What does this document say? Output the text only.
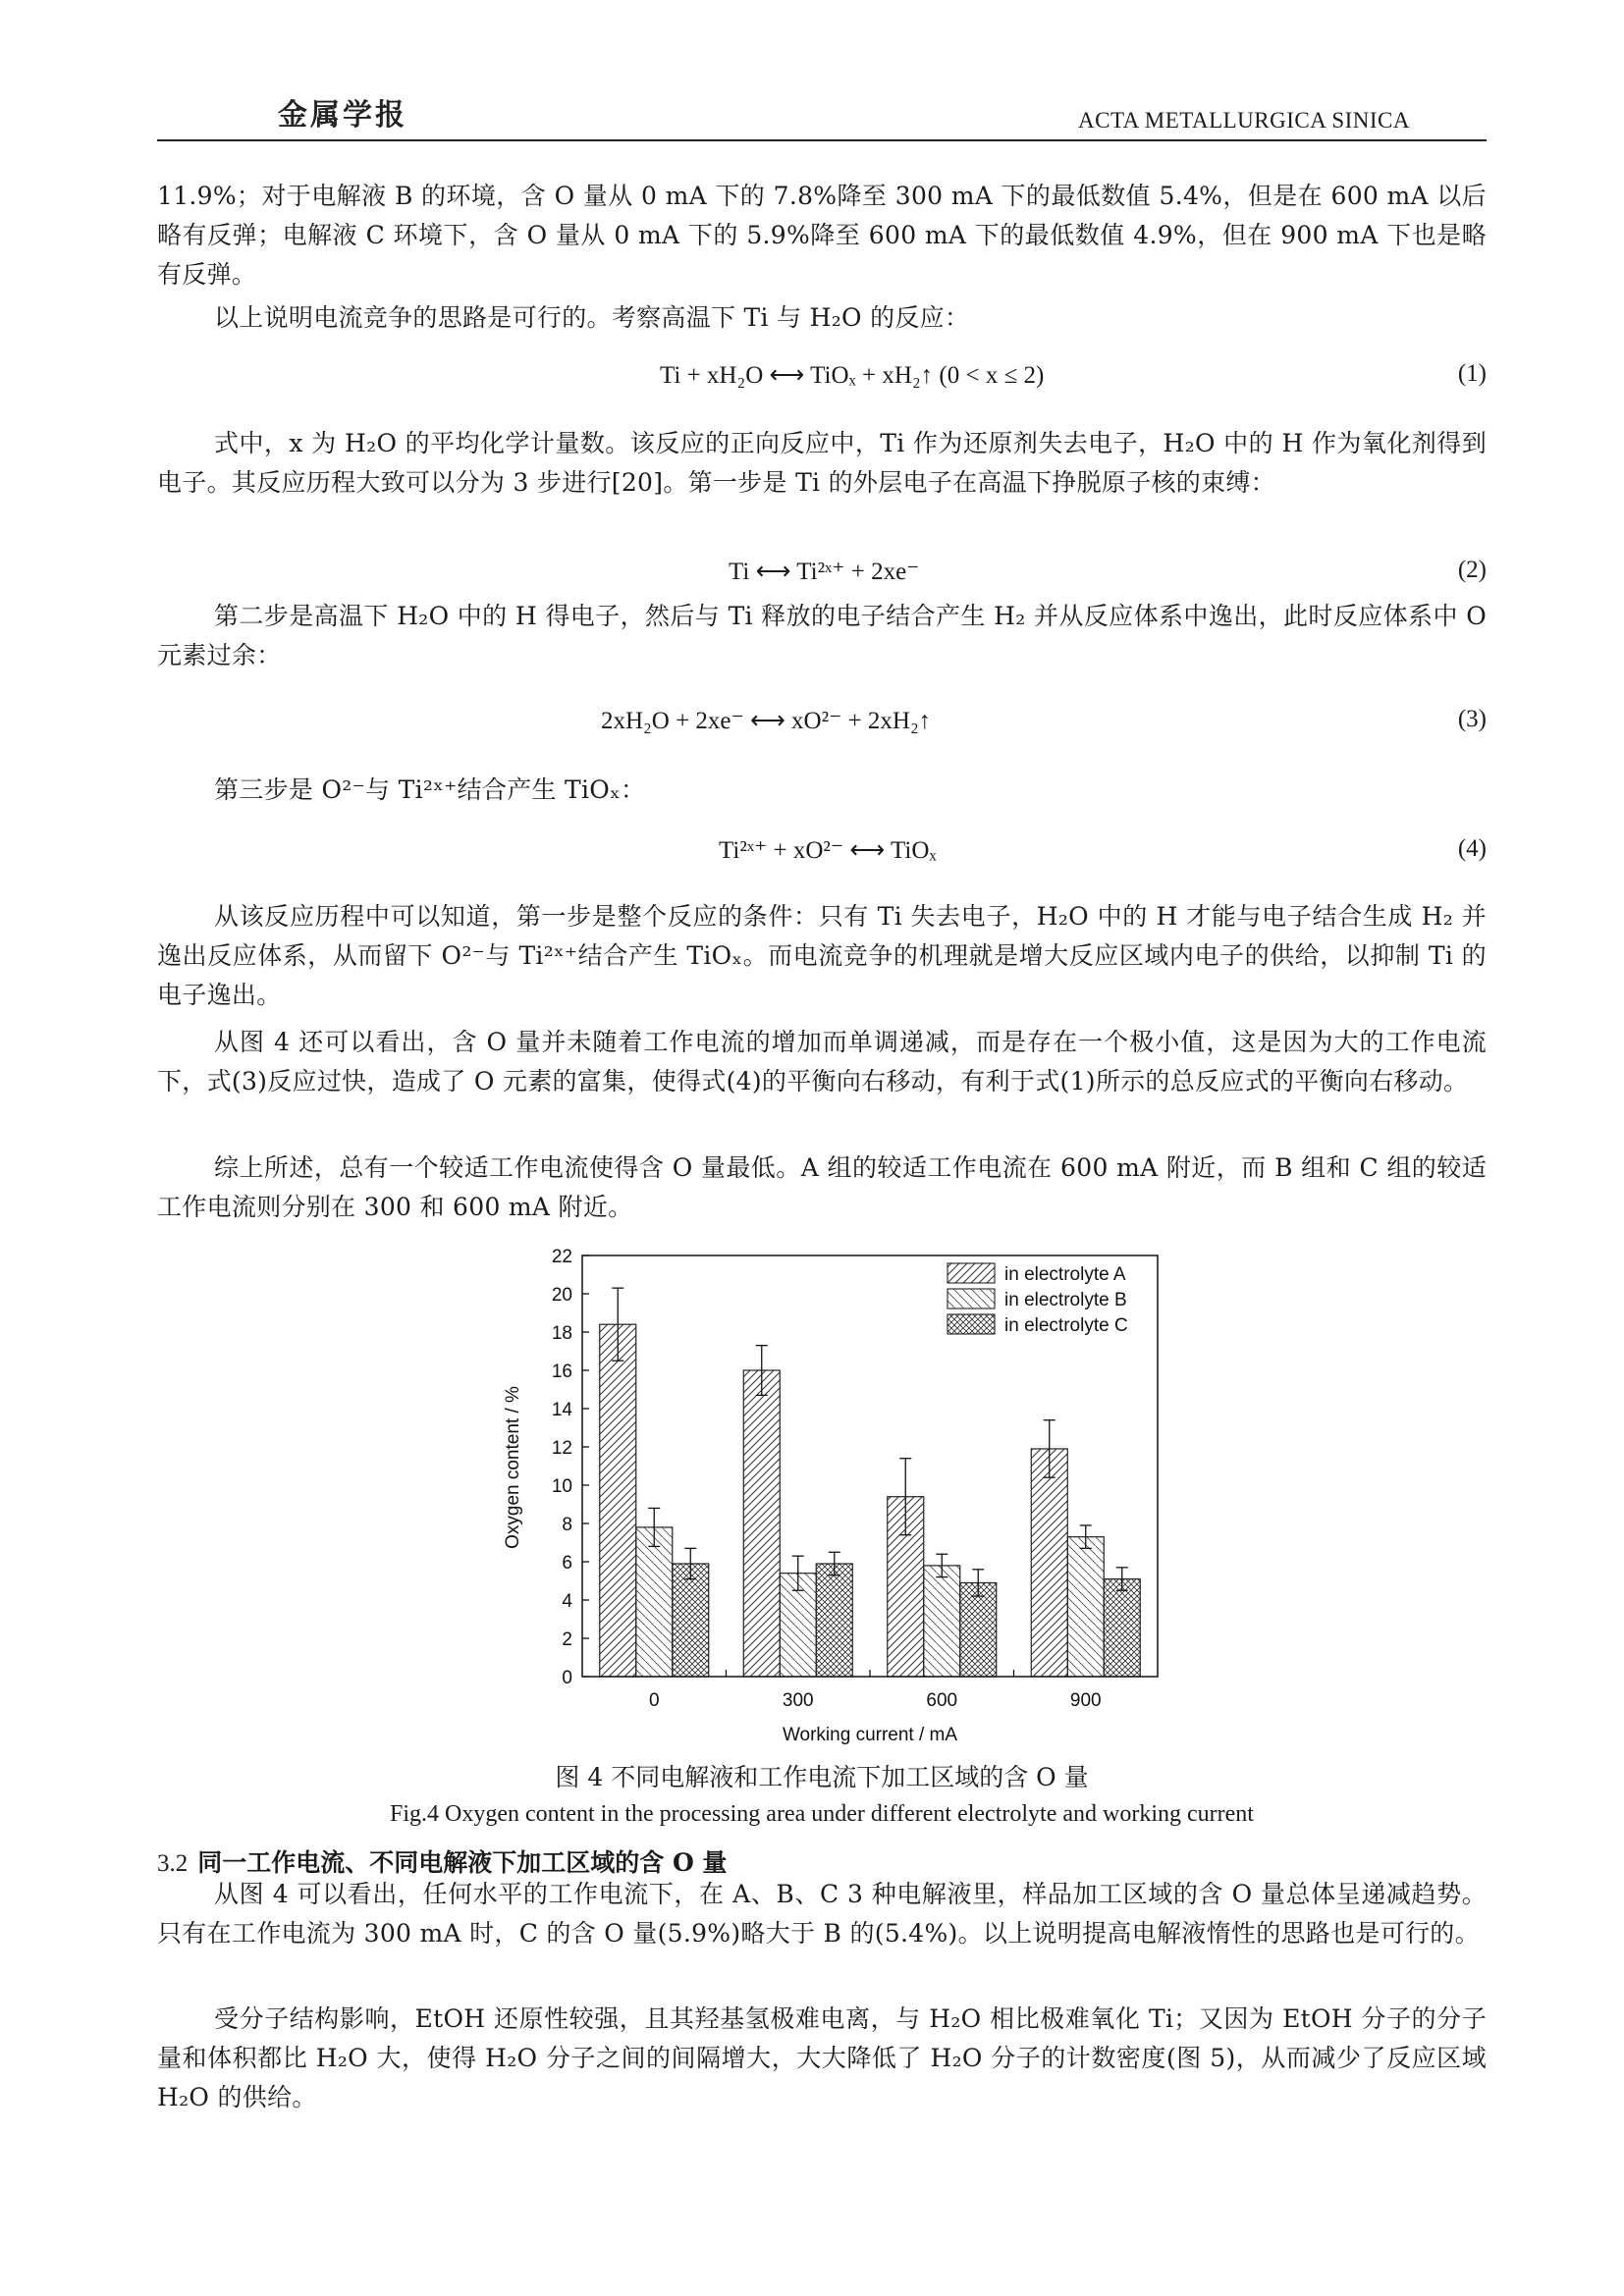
金属学报	ACTA METALLURGICA SINICA

11.9%；对于电解液 B 的环境，含 O 量从 0 mA 下的 7.8%降至 300 mA 下的最低数值 5.4%，但是在 600 mA 以后略有反弹；电解液 C 环境下，含 O 量从 0 mA 下的 5.9%降至 600 mA 下的最低数值 4.9%，但在 900 mA 下也是略有反弹。

以上说明电流竞争的思路是可行的。考察高温下 Ti 与 H₂O 的反应：

Ti + xH₂O ⟷ TiOₓ + xH₂↑ (0 < x ≤ 2)	(1)

式中，x 为 H₂O 的平均化学计量数。该反应的正向反应中，Ti 作为还原剂失去电子，H₂O 中的 H 作为氧化剂得到电子。其反应历程大致可以分为 3 步进行[20]。第一步是 Ti 的外层电子在高温下挣脱原子核的束缚：

Ti ⟷ Ti²ˣ⁺ + 2xe⁻	(2)

第二步是高温下 H₂O 中的 H 得电子，然后与 Ti 释放的电子结合产生 H₂ 并从反应体系中逸出，此时反应体系中 O 元素过余：

2xH₂O + 2xe⁻ ⟷ xO²⁻ + 2xH₂↑	(3)

第三步是 O²⁻与 Ti²ˣ⁺结合产生 TiOₓ：

Ti²ˣ⁺ + xO²⁻ ⟷ TiOₓ	(4)

从该反应历程中可以知道，第一步是整个反应的条件：只有 Ti 失去电子，H₂O 中的 H 才能与电子结合生成 H₂ 并逸出反应体系，从而留下 O²⁻与 Ti²ˣ⁺结合产生 TiOₓ。而电流竞争的机理就是增大反应区域内电子的供给，以抑制 Ti 的电子逸出。

从图 4 还可以看出，含 O 量并未随着工作电流的增加而单调递减，而是存在一个极小值，这是因为大的工作电流下，式(3)反应过快，造成了 O 元素的富集，使得式(4)的平衡向右移动，有利于式(1)所示的总反应式的平衡向右移动。

综上所述，总有一个较适工作电流使得含 O 量最低。A 组的较适工作电流在 600 mA 附近，而 B 组和 C 组的较适工作电流则分别在 300 和 600 mA 附近。

0
2
4
6
8
10
12
14
16
18
20
22
0	300	600	900
Oxygen content / %
Working current / mA
in electrolyte A
in electrolyte B
in electrolyte C
图 4 不同电解液和工作电流下加工区域的含 O 量
Fig.4 Oxygen content in the processing area under different electrolyte and working current
3.2 同一工作电流、不同电解液下加工区域的含 O 量

从图 4 可以看出，任何水平的工作电流下，在 A、B、C 3 种电解液里，样品加工区域的含 O 量总体呈递减趋势。只有在工作电流为 300 mA 时，C 的含 O 量(5.9%)略大于 B 的(5.4%)。以上说明提高电解液惰性的思路也是可行的。

受分子结构影响，EtOH 还原性较强，且其羟基氢极难电离，与 H₂O 相比极难氧化 Ti；又因为 EtOH 分子的分子量和体积都比 H₂O 大，使得 H₂O 分子之间的间隔增大，大大降低了 H₂O 分子的计数密度(图 5)，从而减少了反应区域 H₂O 的供给。
